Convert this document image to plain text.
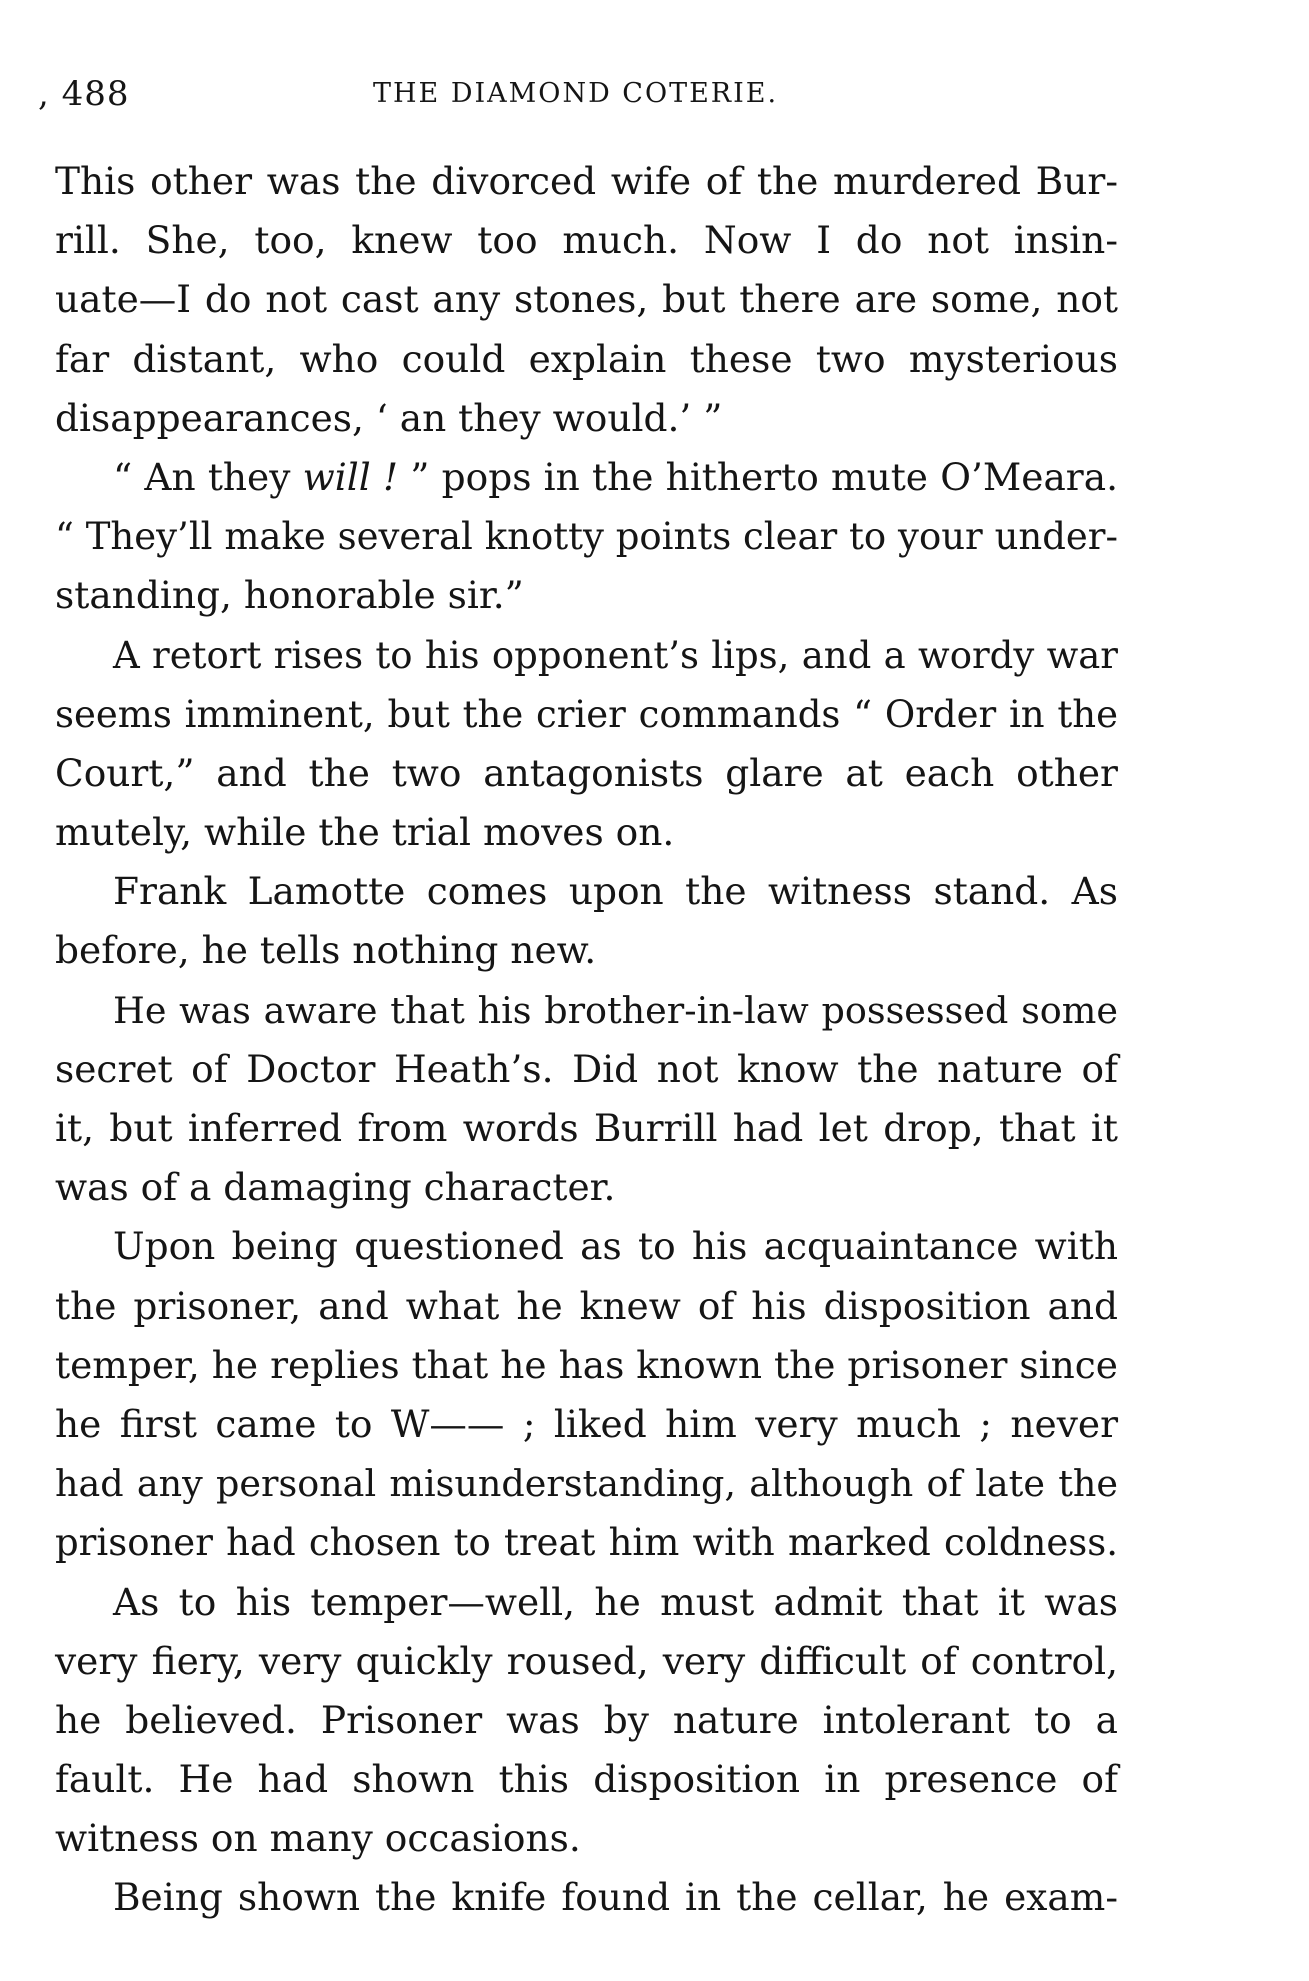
, 488	THE DIAMOND COTERIE.
This other was the divorced wife of the murdered Bur-
rill. She, too, knew too much. Now I do not insin-
uate—I do not cast any stones, but there are some, not
far distant, who could explain these two mysterious
disappearances, ‘ an they would.’ ”
“ An they will ! ” pops in the hitherto mute O’Meara.
“ They’ll make several knotty points clear to your under-
standing, honorable sir.”
A retort rises to his opponent’s lips, and a wordy war
seems imminent, but the crier commands “ Order in the
Court,” and the two antagonists glare at each other
mutely, while the trial moves on.
Frank Lamotte comes upon the witness stand. As
before, he tells nothing new.
He was aware that his brother-in-law possessed some
secret of Doctor Heath’s. Did not know the nature of
it, but inferred from words Burrill had let drop, that it
was of a damaging character.
Upon being questioned as to his acquaintance with
the prisoner, and what he knew of his disposition and
temper, he replies that he has known the prisoner since
he first came to W—— ; liked him very much ; never
had any personal misunderstanding, although of late the
prisoner had chosen to treat him with marked coldness.
As to his temper—well, he must admit that it was
very fiery, very quickly roused, very difficult of control,
he believed. Prisoner was by nature intolerant to a
fault. He had shown this disposition in presence of
witness on many occasions.
Being shown the knife found in the cellar, he exam-
